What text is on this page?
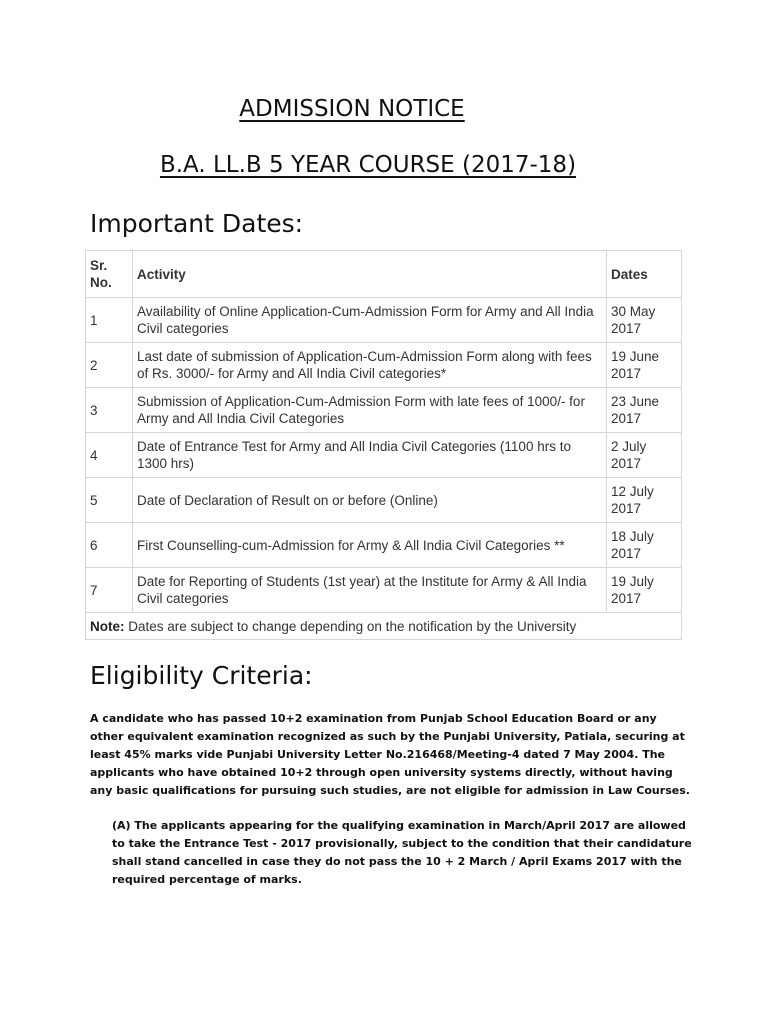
ADMISSION NOTICE
B.A. LL.B 5 YEAR COURSE (2017-18)
Important Dates:
Sr. No.	Activity	Dates
1	Availability of Online Application-Cum-Admission Form for Army and All India Civil categories	30 May 2017
2	Last date of submission of Application-Cum-Admission Form along with fees of Rs. 3000/- for Army and All India Civil categories*	19 June 2017
3	Submission of Application-Cum-Admission Form with late fees of 1000/- for Army and All India Civil Categories	23 June 2017
4	Date of Entrance Test for Army and All India Civil Categories (1100 hrs to 1300 hrs)	2 July 2017
5	Date of Declaration of Result on or before (Online)	12 July 2017
6	First Counselling-cum-Admission for Army & All India Civil Categories **	18 July 2017
7	Date for Reporting of Students (1st year) at the Institute for Army & All India Civil categories	19 July 2017
Note: Dates are subject to change depending on the notification by the University		
Eligibility Criteria:
A candidate who has passed 10+2 examination from Punjab School Education Board or any other equivalent examination recognized as such by the Punjabi University, Patiala, securing at least 45% marks vide Punjabi University Letter No.216468/Meeting-4 dated 7 May 2004. The applicants who have obtained 10+2 through open university systems directly, without having any basic qualifications for pursuing such studies, are not eligible for admission in Law Courses.
(A) The applicants appearing for the qualifying examination in March/April 2017 are allowed to take the Entrance Test - 2017 provisionally, subject to the condition that their candidature shall stand cancelled in case they do not pass the 10 + 2 March / April Exams 2017 with the required percentage of marks.
